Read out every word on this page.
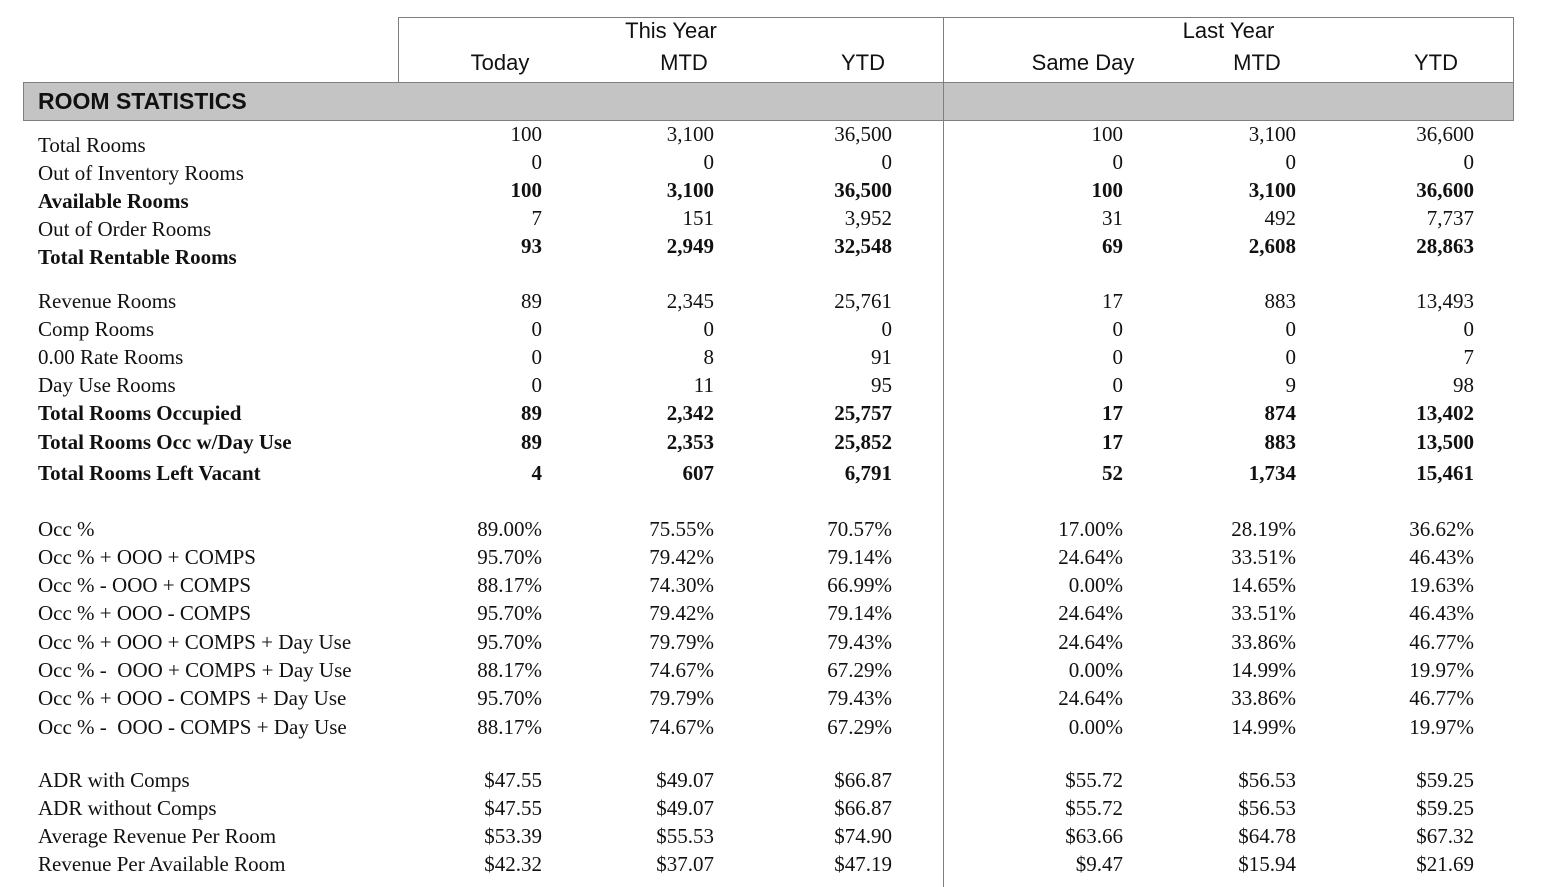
This Year	Last Year
Today	MTD	YTD	Same Day	MTD	YTD
ROOM STATISTICS
Total Rooms	100	3,100	36,500	100	3,100	36,600
Out of Inventory Rooms	0	0	0	0	0	0
Available Rooms	100	3,100	36,500	100	3,100	36,600
Out of Order Rooms	7	151	3,952	31	492	7,737
Total Rentable Rooms	93	2,949	32,548	69	2,608	28,863
Revenue Rooms	89	2,345	25,761	17	883	13,493
Comp Rooms	0	0	0	0	0	0
0.00 Rate Rooms	0	8	91	0	0	7
Day Use Rooms	0	11	95	0	9	98
Total Rooms Occupied	89	2,342	25,757	17	874	13,402
Total Rooms Occ w/Day Use	89	2,353	25,852	17	883	13,500
Total Rooms Left Vacant	4	607	6,791	52	1,734	15,461
Occ %	89.00%	75.55%	70.57%	17.00%	28.19%	36.62%
Occ % + OOO + COMPS	95.70%	79.42%	79.14%	24.64%	33.51%	46.43%
Occ % - OOO + COMPS	88.17%	74.30%	66.99%	0.00%	14.65%	19.63%
Occ % + OOO - COMPS	95.70%	79.42%	79.14%	24.64%	33.51%	46.43%
Occ % + OOO + COMPS + Day Use	95.70%	79.79%	79.43%	24.64%	33.86%	46.77%
Occ % -  OOO + COMPS + Day Use	88.17%	74.67%	67.29%	0.00%	14.99%	19.97%
Occ % + OOO - COMPS + Day Use	95.70%	79.79%	79.43%	24.64%	33.86%	46.77%
Occ % -  OOO - COMPS + Day Use	88.17%	74.67%	67.29%	0.00%	14.99%	19.97%
ADR with Comps	$47.55	$49.07	$66.87	$55.72	$56.53	$59.25
ADR without Comps	$47.55	$49.07	$66.87	$55.72	$56.53	$59.25
Average Revenue Per Room	$53.39	$55.53	$74.90	$63.66	$64.78	$67.32
Revenue Per Available Room	$42.32	$37.07	$47.19	$9.47	$15.94	$21.69
